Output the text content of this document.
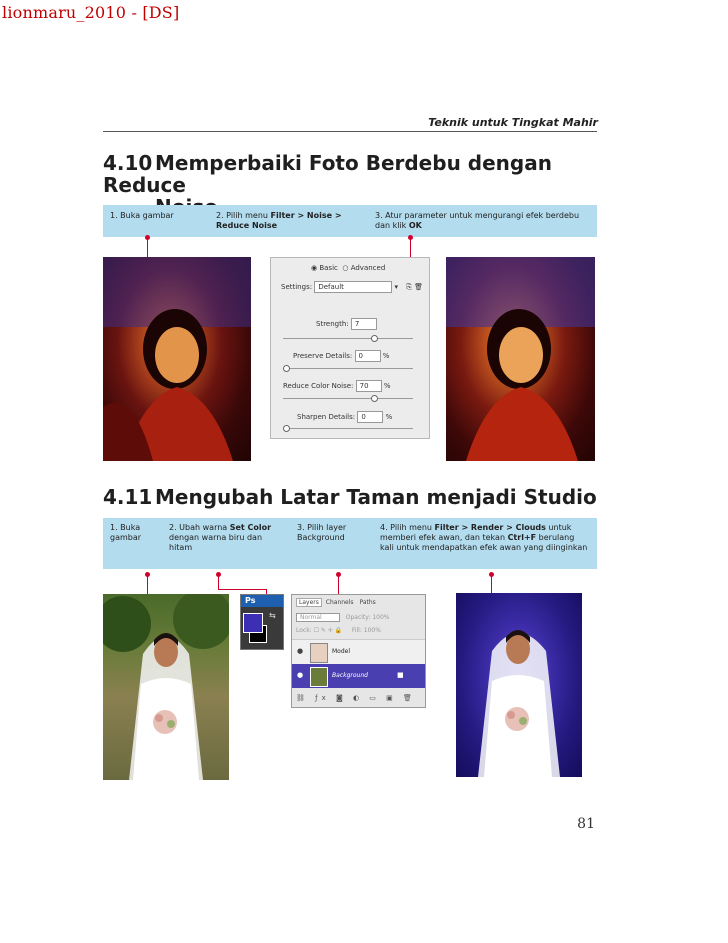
lionmaru_2010 - [DS]
Teknik untuk Tingkat Mahir
4.10 Memperbaiki Foto Berdebu dengan Reduce

1. Buka gambar	2. Pilih menu Filter > Noise > Reduce Noise
3. Atur parameter untuk mengurangi efek berdebu dan klik OK
◉ Basic ○ Advanced
Settings: Default	▾ ⎘ 🗑
Strength: 7
Preserve Details: 0	%
Reduce Color Noise: 70 %
Sharpen Details: 0	%
4.11 Mengubah Latar Taman menjadi Studio
1. Buka gambar
2. Ubah warna Set Color dengan warna biru dan hitam
3. Pilih layer Background
4. Pilih menu Filter > Render > Clouds untuk memberi efek awan, dan tekan Ctrl+F berulang kali untuk mendapatkan efek awan yang diinginkan
Ps
⇆
Layers Channels Paths
Normal	Opacity: 100%
Lock: ☐ ✎ ✛ 🔒 Fill: 100%
●	Model
●	Background	■
⛓ ƒx ◙ ◐ ▭ ▣ 🗑
81
